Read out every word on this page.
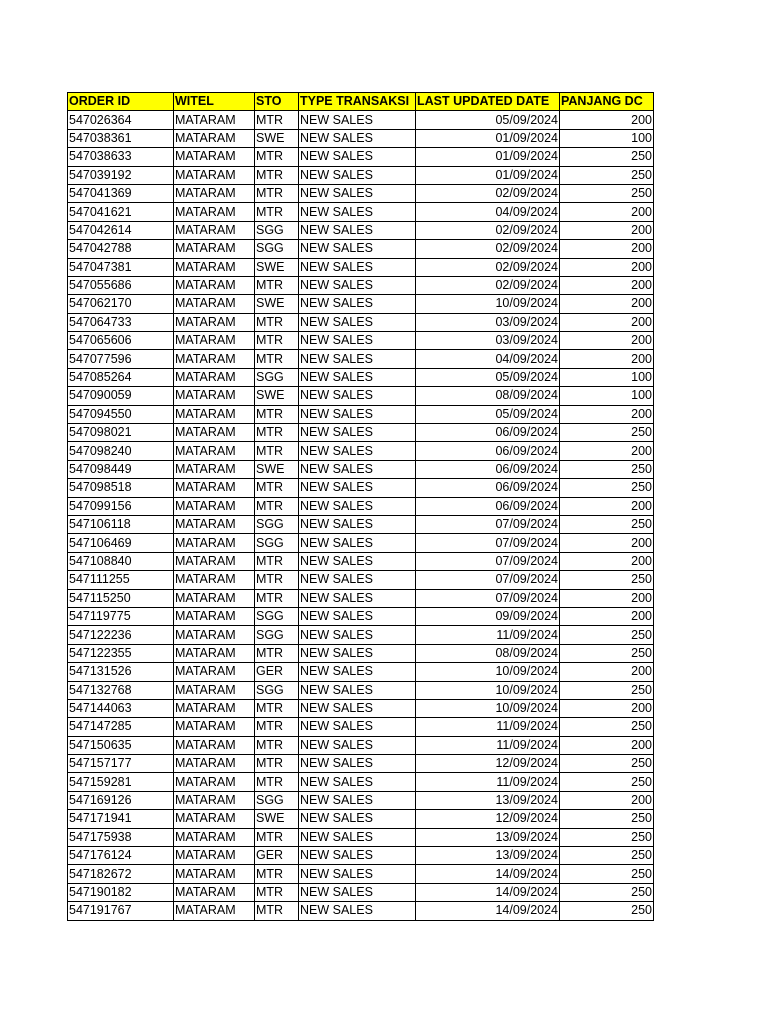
ORDER ID	WITEL	STO	TYPE TRANSAKSI	LAST UPDATED DATE	PANJANG DC
547026364	MATARAM	MTR	NEW SALES	05/09/2024	200
547038361	MATARAM	SWE	NEW SALES	01/09/2024	100
547038633	MATARAM	MTR	NEW SALES	01/09/2024	250
547039192	MATARAM	MTR	NEW SALES	01/09/2024	250
547041369	MATARAM	MTR	NEW SALES	02/09/2024	250
547041621	MATARAM	MTR	NEW SALES	04/09/2024	200
547042614	MATARAM	SGG	NEW SALES	02/09/2024	200
547042788	MATARAM	SGG	NEW SALES	02/09/2024	200
547047381	MATARAM	SWE	NEW SALES	02/09/2024	200
547055686	MATARAM	MTR	NEW SALES	02/09/2024	200
547062170	MATARAM	SWE	NEW SALES	10/09/2024	200
547064733	MATARAM	MTR	NEW SALES	03/09/2024	200
547065606	MATARAM	MTR	NEW SALES	03/09/2024	200
547077596	MATARAM	MTR	NEW SALES	04/09/2024	200
547085264	MATARAM	SGG	NEW SALES	05/09/2024	100
547090059	MATARAM	SWE	NEW SALES	08/09/2024	100
547094550	MATARAM	MTR	NEW SALES	05/09/2024	200
547098021	MATARAM	MTR	NEW SALES	06/09/2024	250
547098240	MATARAM	MTR	NEW SALES	06/09/2024	200
547098449	MATARAM	SWE	NEW SALES	06/09/2024	250
547098518	MATARAM	MTR	NEW SALES	06/09/2024	250
547099156	MATARAM	MTR	NEW SALES	06/09/2024	200
547106118	MATARAM	SGG	NEW SALES	07/09/2024	250
547106469	MATARAM	SGG	NEW SALES	07/09/2024	200
547108840	MATARAM	MTR	NEW SALES	07/09/2024	200
547111255	MATARAM	MTR	NEW SALES	07/09/2024	250
547115250	MATARAM	MTR	NEW SALES	07/09/2024	200
547119775	MATARAM	SGG	NEW SALES	09/09/2024	200
547122236	MATARAM	SGG	NEW SALES	11/09/2024	250
547122355	MATARAM	MTR	NEW SALES	08/09/2024	250
547131526	MATARAM	GER	NEW SALES	10/09/2024	200
547132768	MATARAM	SGG	NEW SALES	10/09/2024	250
547144063	MATARAM	MTR	NEW SALES	10/09/2024	200
547147285	MATARAM	MTR	NEW SALES	11/09/2024	250
547150635	MATARAM	MTR	NEW SALES	11/09/2024	200
547157177	MATARAM	MTR	NEW SALES	12/09/2024	250
547159281	MATARAM	MTR	NEW SALES	11/09/2024	250
547169126	MATARAM	SGG	NEW SALES	13/09/2024	200
547171941	MATARAM	SWE	NEW SALES	12/09/2024	250
547175938	MATARAM	MTR	NEW SALES	13/09/2024	250
547176124	MATARAM	GER	NEW SALES	13/09/2024	250
547182672	MATARAM	MTR	NEW SALES	14/09/2024	250
547190182	MATARAM	MTR	NEW SALES	14/09/2024	250
547191767	MATARAM	MTR	NEW SALES	14/09/2024	250
